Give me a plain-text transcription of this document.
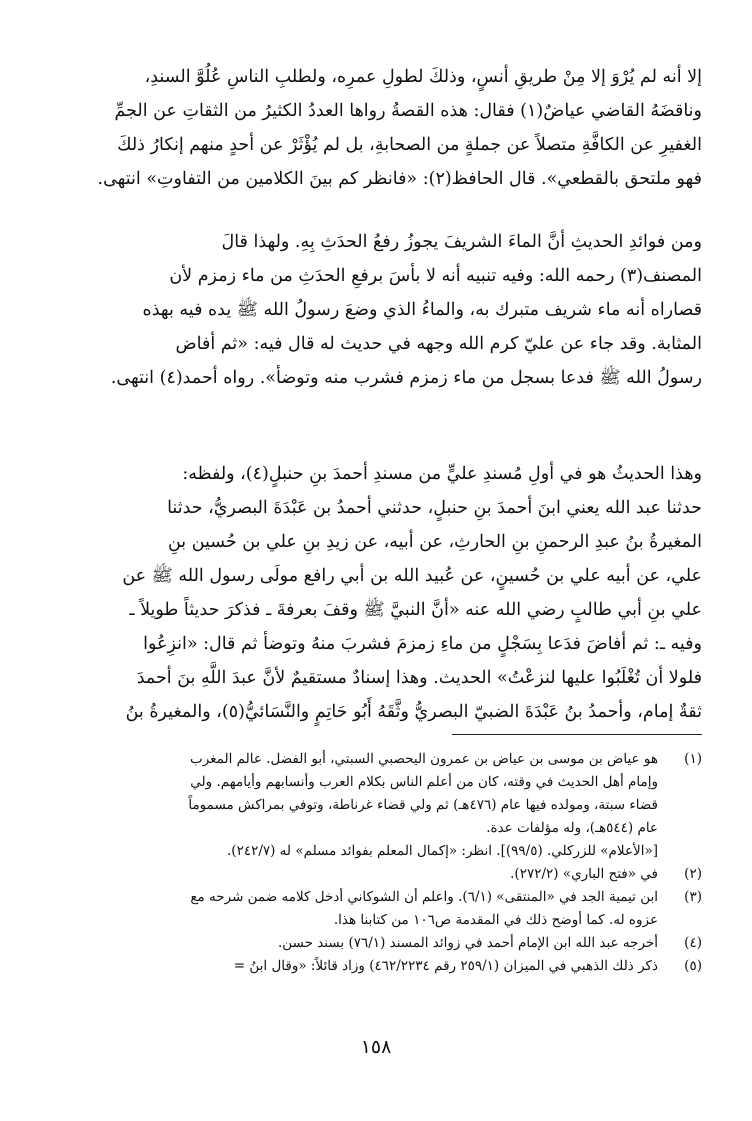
إلا أنه لم يُرْوَ إلا مِنْ طريقِ أنسٍ، وذلكَ لطولِ عمرِه، ولطلبِ الناسِ عُلُوَّ السندِ،
وناقضَهُ القاضي عياضٌ(١) فقال: هذه القصةُ رواها العددُ الكثيرُ من الثقاتِ عن الجمِّ
الغفيرِ عن الكافَّةِ متصلاً عن جملةٍ من الصحابةِ، بل لم يُؤْثَرْ عن أحدٍ منهم إنكارُ ذلكَ
فهو ملتحق بالقطعي». قال الحافظ(٢): «فانظر كم بينَ الكلامين من التفاوتِ» انتهى.
ومن فوائدِ الحديثِ أنَّ الماءَ الشريفَ يجوزُ رفعُ الحدَثِ بِهِ. ولهذا قالَ
المصنف(٣) رحمه الله: وفيه تنبيه أنه لا بأسَ برفعِ الحدَثِ من ماء زمزم لأن
قصاراه أنه ماء شريف متبرك به، والماءُ الذي وضعَ رسولُ الله ﷺ يده فيه بهذه
المثابة. وقد جاء عن عليّ كرم الله وجهه في حديث له قال فيه: «ثم أفاض
رسولُ الله ﷺ فدعا بسجل من ماء زمزم فشرب منه وتوضأ». رواه أحمد(٤) انتهى.
وهذا الحديثُ هو في أولِ مُسندِ عليٍّ من مسندِ أحمدَ بنِ حنبلٍ(٤)، ولفظه:
حدثنا عبد الله يعني ابنَ أحمدَ بنِ حنبلٍ، حدثني أحمدُ بن عَبْدَةَ البصريُّ، حدثنا
المغيرةُ بنُ عبدِ الرحمنِ بنِ الحارثِ، عن أبيه، عن زيدِ بنِ علي بن حُسين بنِ
علي، عن أبيه علي بن حُسينٍ، عن عُبيد الله بن أبي رافع مولَى رسول الله ﷺ عن
علي بنِ أبي طالبٍ رضي الله عنه «أنَّ النبيَّ ﷺ وقفَ بعرفةَ ـ فذكرَ حديثاً طويلاً ـ
وفيه ـ: ثم أفاضَ فدَعا بِسَجْلٍ من ماءِ زمزمَ فشربَ منهُ وتوضأ ثم قال: «انزِعُوا
فلولا أن تُغْلَبُوا عليها لنزعْتُ» الحديث. وهذا إسنادٌ مستقيمٌ لأنَّ عبدَ اللَّهِ بنَ أحمدَ
ثقةٌ إمام، وأحمدُ بنُ عَبْدَةَ الضبيّ البصريُّ وثَّقَهُ أَبُو حَاتِمٍ والنَّسَائيُّ(٥)، والمغيرةُ بنُ
(١)
هو عياض بن موسى بن عياض بن عمرون اليحصبي السبتي، أبو الفضل. عالم المغرب
وإمام أهل الحديث في وقته، كان من أعلم الناس بكلام العرب وأنسابهم وأيامهم. ولي
قضاء سبتة، ومولده فيها عام (٤٧٦هـ) ثم ولي قضاء غرناطة، وتوفي بمراكش مسموماً
عام (٥٤٤هـ)، وله مؤلفات عدة.
[«الأعلام» للزركلي. (٩٩/٥)]. انظر: «إكمال المعلم بفوائد مسلم» له (٢٤٢/٧).
(٢)
في «فتح الباري» (٢٧٢/٢).
(٣)
ابن تيمية الجد في «المنتقى» (٦/١). واعلم أن الشوكاني أدخل كلامه ضمن شرحه مع
عزوه له. كما أوضح ذلك في المقدمة ص١٠٦ من كتابنا هذا.
(٤)
أخرجه عبد الله ابن الإمام أحمد في زوائد المسند (٧٦/١) بسند حسن.
(٥)
ذكر ذلك الذهبي في الميزان (٢٥٩/١ رقم ٤٦٢/٢٢٣٤) وزاد قائلاً: «وقال ابنُ =
١٥٨
